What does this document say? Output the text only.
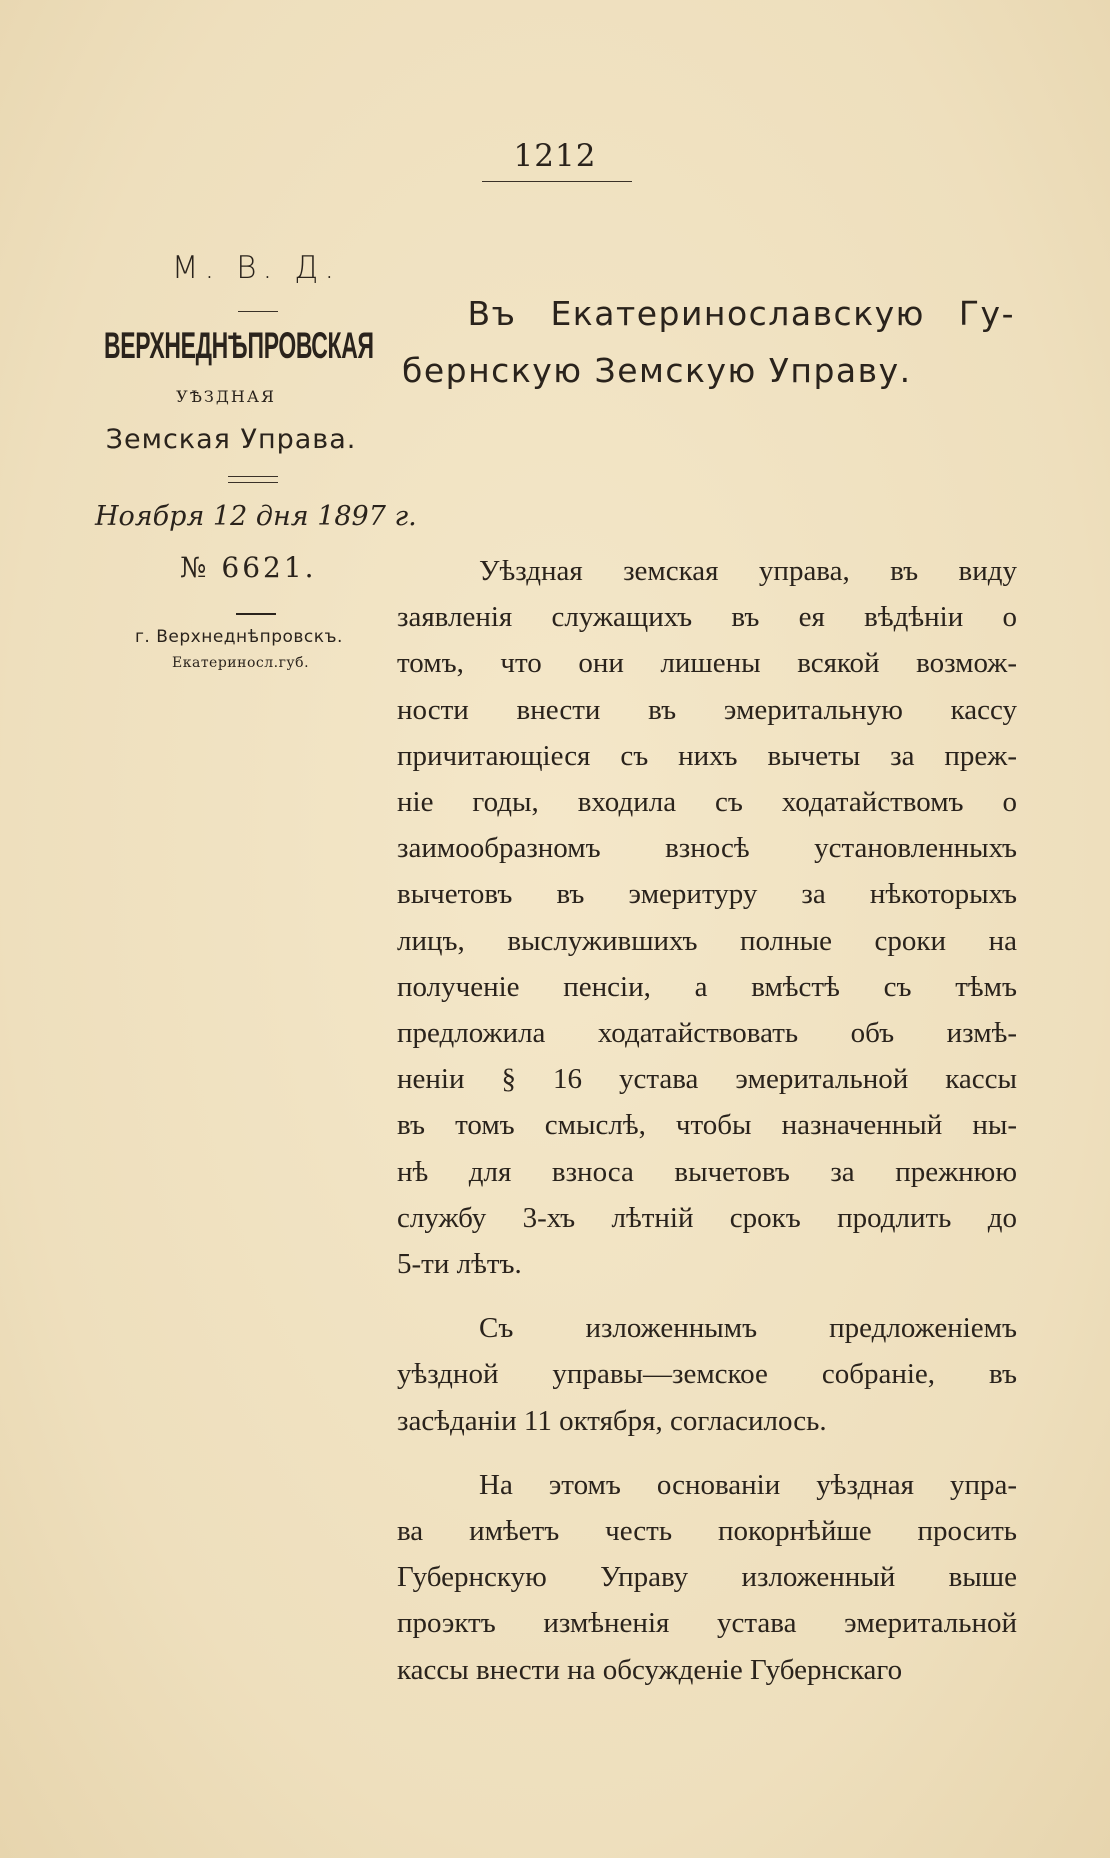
1212
М. В. Д.
ВЕРХНЕДНѢПРОВСКАЯ
УѢЗДНАЯ
Земская Управа.
Ноября 12 дня 1897 г.
№ 6621.
г. Верхнеднѣпровскъ.
Екатериносл.губ.
Въ Екатеринославскую Гу-
бернскую Земскую Управу.
Уѣздная земская управа, въ виду
заявленія служащихъ въ ея вѣдѣніи о
томъ, что они лишены всякой возмож-
ности внести въ эмеритальную кассу
причитающіеся съ нихъ вычеты за преж-
ніе годы, входила съ ходатайствомъ о
заимообразномъ взносѣ установленныхъ
вычетовъ въ эмеритуру за нѣкоторыхъ
лицъ, выслужившихъ полные сроки на
полученіе пенсіи, а вмѣстѣ съ тѣмъ
предложила ходатайствовать объ измѣ-
неніи § 16 устава эмеритальной кассы
въ томъ смыслѣ, чтобы назначенный ны-
нѣ для взноса вычетовъ за прежнюю
службу 3-хъ лѣтній срокъ продлить до
5-ти лѣтъ.
Съ изложеннымъ предложеніемъ
уѣздной управы—земское собраніе, въ
засѣданіи 11 октября, согласилось.
На этомъ основаніи уѣздная упра-
ва имѣетъ честь покорнѣйше просить
Губернскую Управу изложенный выше
проэктъ измѣненія устава эмеритальной
кассы внести на обсужденіе Губернскаго
